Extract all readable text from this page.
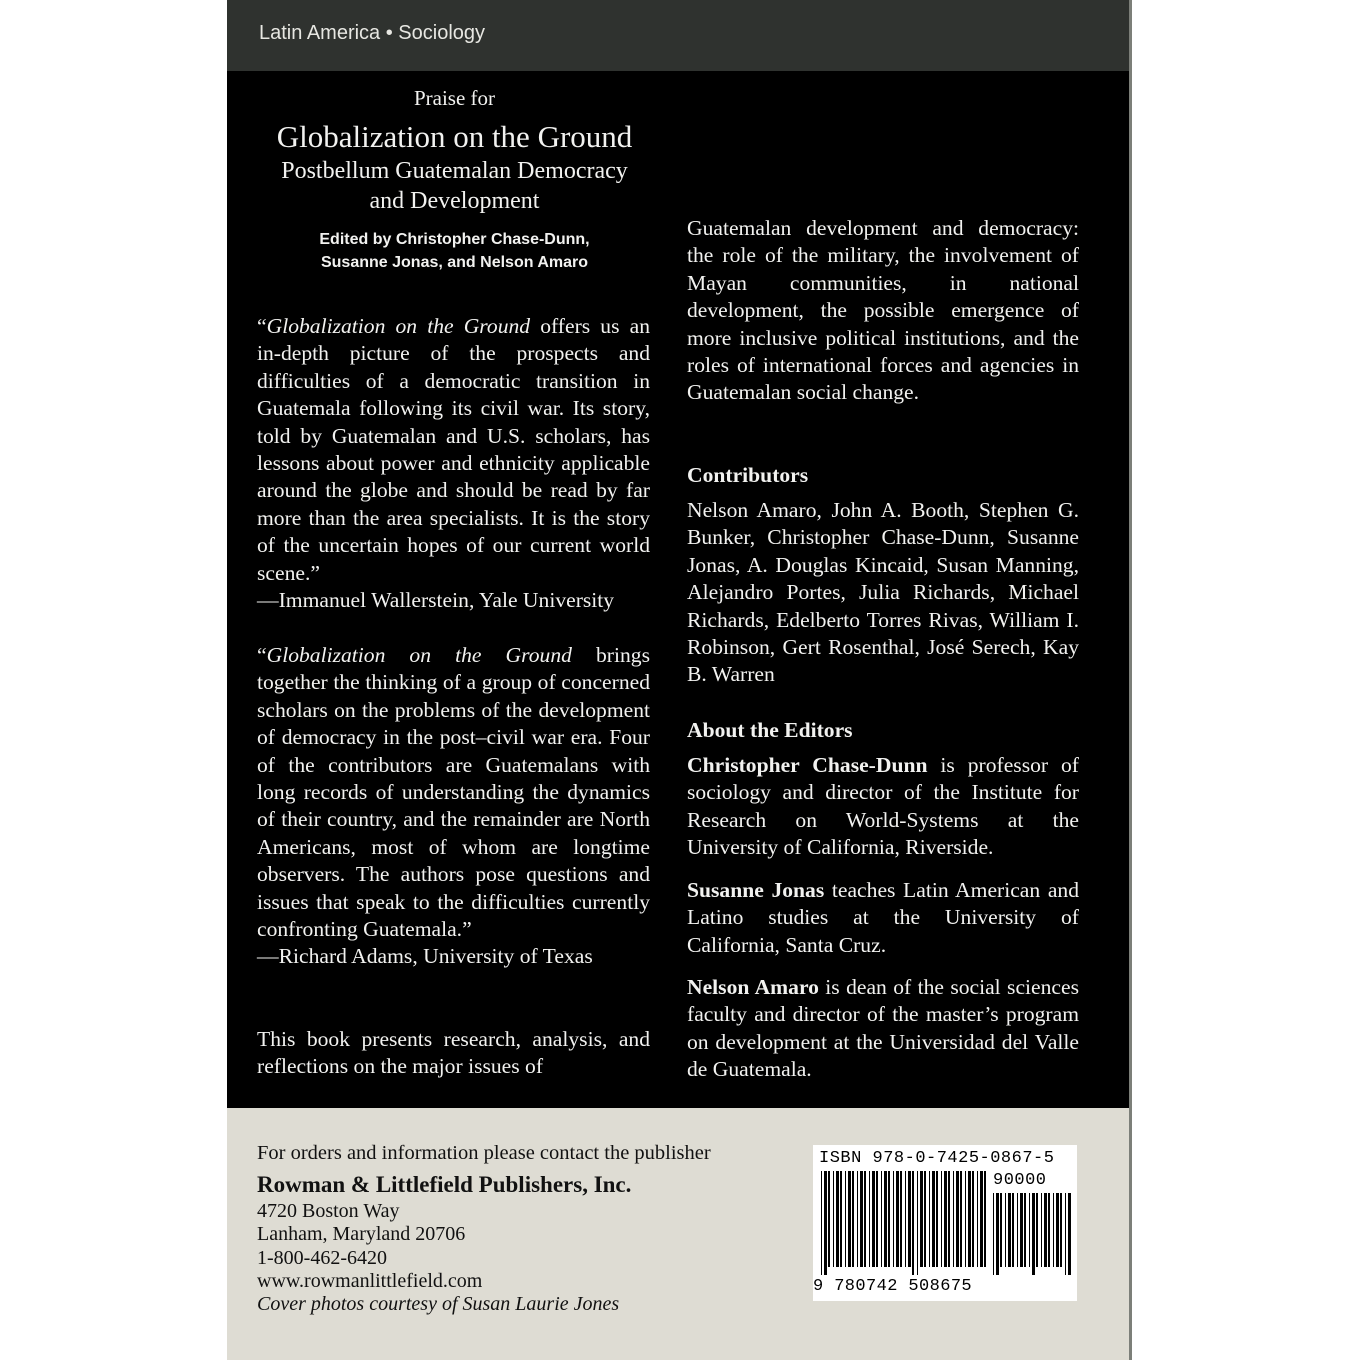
Latin America • Sociology
Praise for
Globalization on the Ground
Postbellum Guatemalan Democracy
and Development
Edited by Christopher Chase-Dunn,
Susanne Jonas, and Nelson Amaro
“Globalization on the Ground offers us an in-depth picture of the prospects and difficulties of a democratic transition in Guatemala following its civil war. Its story, told by Guatemalan and U.S. scholars, has lessons about power and ethnicity applicable around the globe and should be read by far more than the area specialists. It is the story of the uncertain hopes of our current world scene.”
—Immanuel Wallerstein, Yale University
“Globalization on the Ground brings together the thinking of a group of concerned scholars on the problems of the development of democracy in the post–civil war era. Four of the contributors are Guatemalans with long records of understanding the dynamics of their country, and the remainder are North Americans, most of whom are longtime observers. The authors pose questions and issues that speak to the difficulties currently confronting Guatemala.”
—Richard Adams, University of Texas
This book presents research, analysis, and reflections on the major issues of
Guatemalan development and democracy: the role of the military, the involvement of Mayan communities, in national development, the possible emergence of more inclusive political institutions, and the roles of international forces and agencies in Guatemalan social change.
Contributors
Nelson Amaro, John A. Booth, Stephen G. Bunker, Christopher Chase-Dunn, Susanne Jonas, A. Douglas Kincaid, Susan Manning, Alejandro Portes, Julia Richards, Michael Richards, Edelberto Torres Rivas, William I. Robinson, Gert Rosenthal, José Serech, Kay B. Warren
About the Editors
Christopher Chase-Dunn is professor of sociology and director of the Institute for Research on World-Systems at the University of California, Riverside.
Susanne Jonas teaches Latin American and Latino studies at the University of California, Santa Cruz.
Nelson Amaro is dean of the social sciences faculty and director of the master’s program on development at the Universidad del Valle de Guatemala.
For orders and information please contact the publisher
Rowman & Littlefield Publishers, Inc.
4720 Boston Way
Lanham, Maryland 20706
1-800-462-6420
www.rowmanlittlefield.com
Cover photos courtesy of Susan Laurie Jones
ISBN 978-0-7425-0867-5
90000
9 780742 508675
